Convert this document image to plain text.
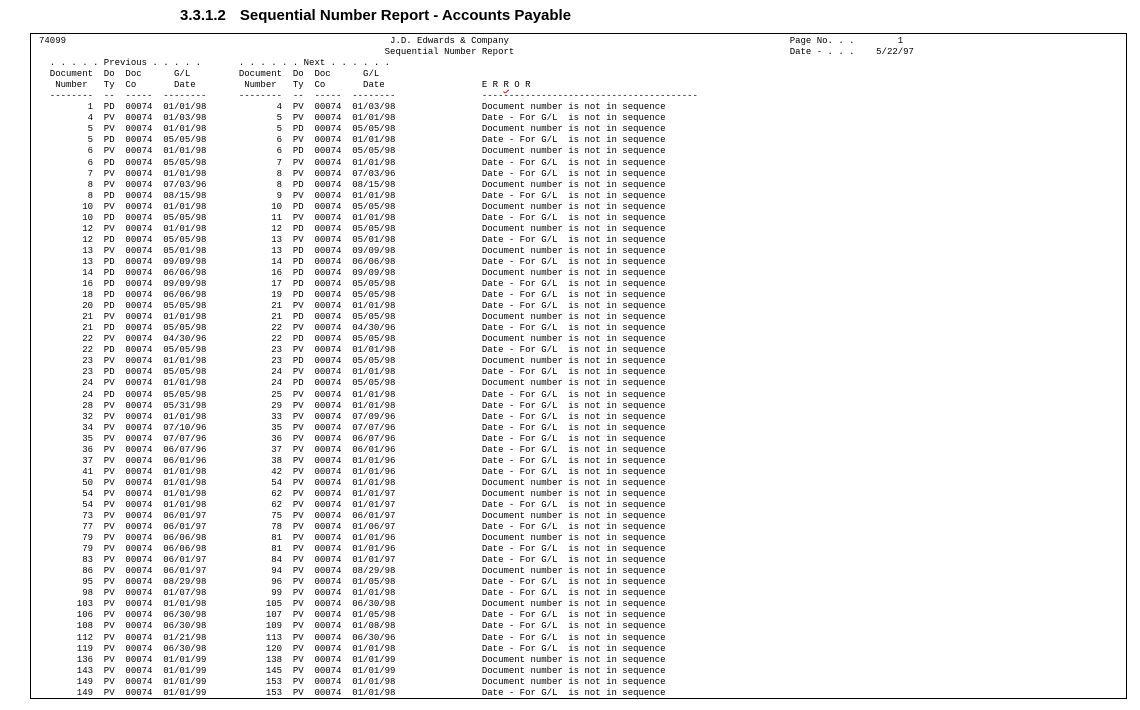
3.3.1.2 Sequential Number Report - Accounts Payable
74099                                                            J.D. Edwards & Company                                                    Page No. . .        1
Sequential Number Report                                                   Date - . . .    5/22/97
. . . . . Previous . . . . .       . . . . . . Next . . . . . .
Document  Do  Doc      G/L         Document  Do  Doc      G/L
Number   Ty  Co       Date         Number   Ty  Co       Date                  E R R O R
--------  --  -----  --------      --------  --  -----  --------                ----------------------------------------
1  PD  00074  01/01/98             4  PV  00074  01/03/98                Document number is not in sequence
4  PV  00074  01/03/98             5  PV  00074  01/01/98                Date - For G/L  is not in sequence
5  PV  00074  01/01/98             5  PD  00074  05/05/98                Document number is not in sequence
5  PD  00074  05/05/98             6  PV  00074  01/01/98                Date - For G/L  is not in sequence
6  PV  00074  01/01/98             6  PD  00074  05/05/98                Document number is not in sequence
6  PD  00074  05/05/98             7  PV  00074  01/01/98                Date - For G/L  is not in sequence
7  PV  00074  01/01/98             8  PV  00074  07/03/96                Date - For G/L  is not in sequence
8  PV  00074  07/03/96             8  PD  00074  08/15/98                Document number is not in sequence
8  PD  00074  08/15/98             9  PV  00074  01/01/98                Date - For G/L  is not in sequence
10  PV  00074  01/01/98            10  PD  00074  05/05/98                Document number is not in sequence
10  PD  00074  05/05/98            11  PV  00074  01/01/98                Date - For G/L  is not in sequence
12  PV  00074  01/01/98            12  PD  00074  05/05/98                Document number is not in sequence
12  PD  00074  05/05/98            13  PV  00074  05/01/98                Date - For G/L  is not in sequence
13  PV  00074  05/01/98            13  PD  00074  09/09/98                Document number is not in sequence
13  PD  00074  09/09/98            14  PD  00074  06/06/98                Date - For G/L  is not in sequence
14  PD  00074  06/06/98            16  PD  00074  09/09/98                Document number is not in sequence
16  PD  00074  09/09/98            17  PD  00074  05/05/98                Date - For G/L  is not in sequence
18  PD  00074  06/06/98            19  PD  00074  05/05/98                Date - For G/L  is not in sequence
20  PD  00074  05/05/98            21  PV  00074  01/01/98                Date - For G/L  is not in sequence
21  PV  00074  01/01/98            21  PD  00074  05/05/98                Document number is not in sequence
21  PD  00074  05/05/98            22  PV  00074  04/30/96                Date - For G/L  is not in sequence
22  PV  00074  04/30/96            22  PD  00074  05/05/98                Document number is not in sequence
22  PD  00074  05/05/98            23  PV  00074  01/01/98                Date - For G/L  is not in sequence
23  PV  00074  01/01/98            23  PD  00074  05/05/98                Document number is not in sequence
23  PD  00074  05/05/98            24  PV  00074  01/01/98                Date - For G/L  is not in sequence
24  PV  00074  01/01/98            24  PD  00074  05/05/98                Document number is not in sequence
24  PD  00074  05/05/98            25  PV  00074  01/01/98                Date - For G/L  is not in sequence
28  PV  00074  05/31/98            29  PV  00074  01/01/98                Date - For G/L  is not in sequence
32  PV  00074  01/01/98            33  PV  00074  07/09/96                Date - For G/L  is not in sequence
34  PV  00074  07/10/96            35  PV  00074  07/07/96                Date - For G/L  is not in sequence
35  PV  00074  07/07/96            36  PV  00074  06/07/96                Date - For G/L  is not in sequence
36  PV  00074  06/07/96            37  PV  00074  06/01/96                Date - For G/L  is not in sequence
37  PV  00074  06/01/96            38  PV  00074  01/01/96                Date - For G/L  is not in sequence
41  PV  00074  01/01/98            42  PV  00074  01/01/96                Date - For G/L  is not in sequence
50  PV  00074  01/01/98            54  PV  00074  01/01/98                Document number is not in sequence
54  PV  00074  01/01/98            62  PV  00074  01/01/97                Document number is not in sequence
54  PV  00074  01/01/98            62  PV  00074  01/01/97                Date - For G/L  is not in sequence
73  PV  00074  06/01/97            75  PV  00074  06/01/97                Document number is not in sequence
77  PV  00074  06/01/97            78  PV  00074  01/06/97                Date - For G/L  is not in sequence
79  PV  00074  06/06/98            81  PV  00074  01/01/96                Document number is not in sequence
79  PV  00074  06/06/98            81  PV  00074  01/01/96                Date - For G/L  is not in sequence
83  PV  00074  06/01/97            84  PV  00074  01/01/97                Date - For G/L  is not in sequence
86  PV  00074  06/01/97            94  PV  00074  08/29/98                Document number is not in sequence
95  PV  00074  08/29/98            96  PV  00074  01/05/98                Date - For G/L  is not in sequence
98  PV  00074  01/07/98            99  PV  00074  01/01/98                Date - For G/L  is not in sequence
103  PV  00074  01/01/98           105  PV  00074  06/30/98                Document number is not in sequence
106  PV  00074  06/30/98           107  PV  00074  01/05/98                Date - For G/L  is not in sequence
108  PV  00074  06/30/98           109  PV  00074  01/08/98                Date - For G/L  is not in sequence
112  PV  00074  01/21/98           113  PV  00074  06/30/96                Date - For G/L  is not in sequence
119  PV  00074  06/30/98           120  PV  00074  01/01/98                Date - For G/L  is not in sequence
136  PV  00074  01/01/99           138  PV  00074  01/01/99                Document number is not in sequence
143  PV  00074  01/01/99           145  PV  00074  01/01/99                Document number is not in sequence
149  PV  00074  01/01/99           153  PV  00074  01/01/98                Document number is not in sequence
149  PV  00074  01/01/99           153  PV  00074  01/01/98                Date - For G/L  is not in sequence
